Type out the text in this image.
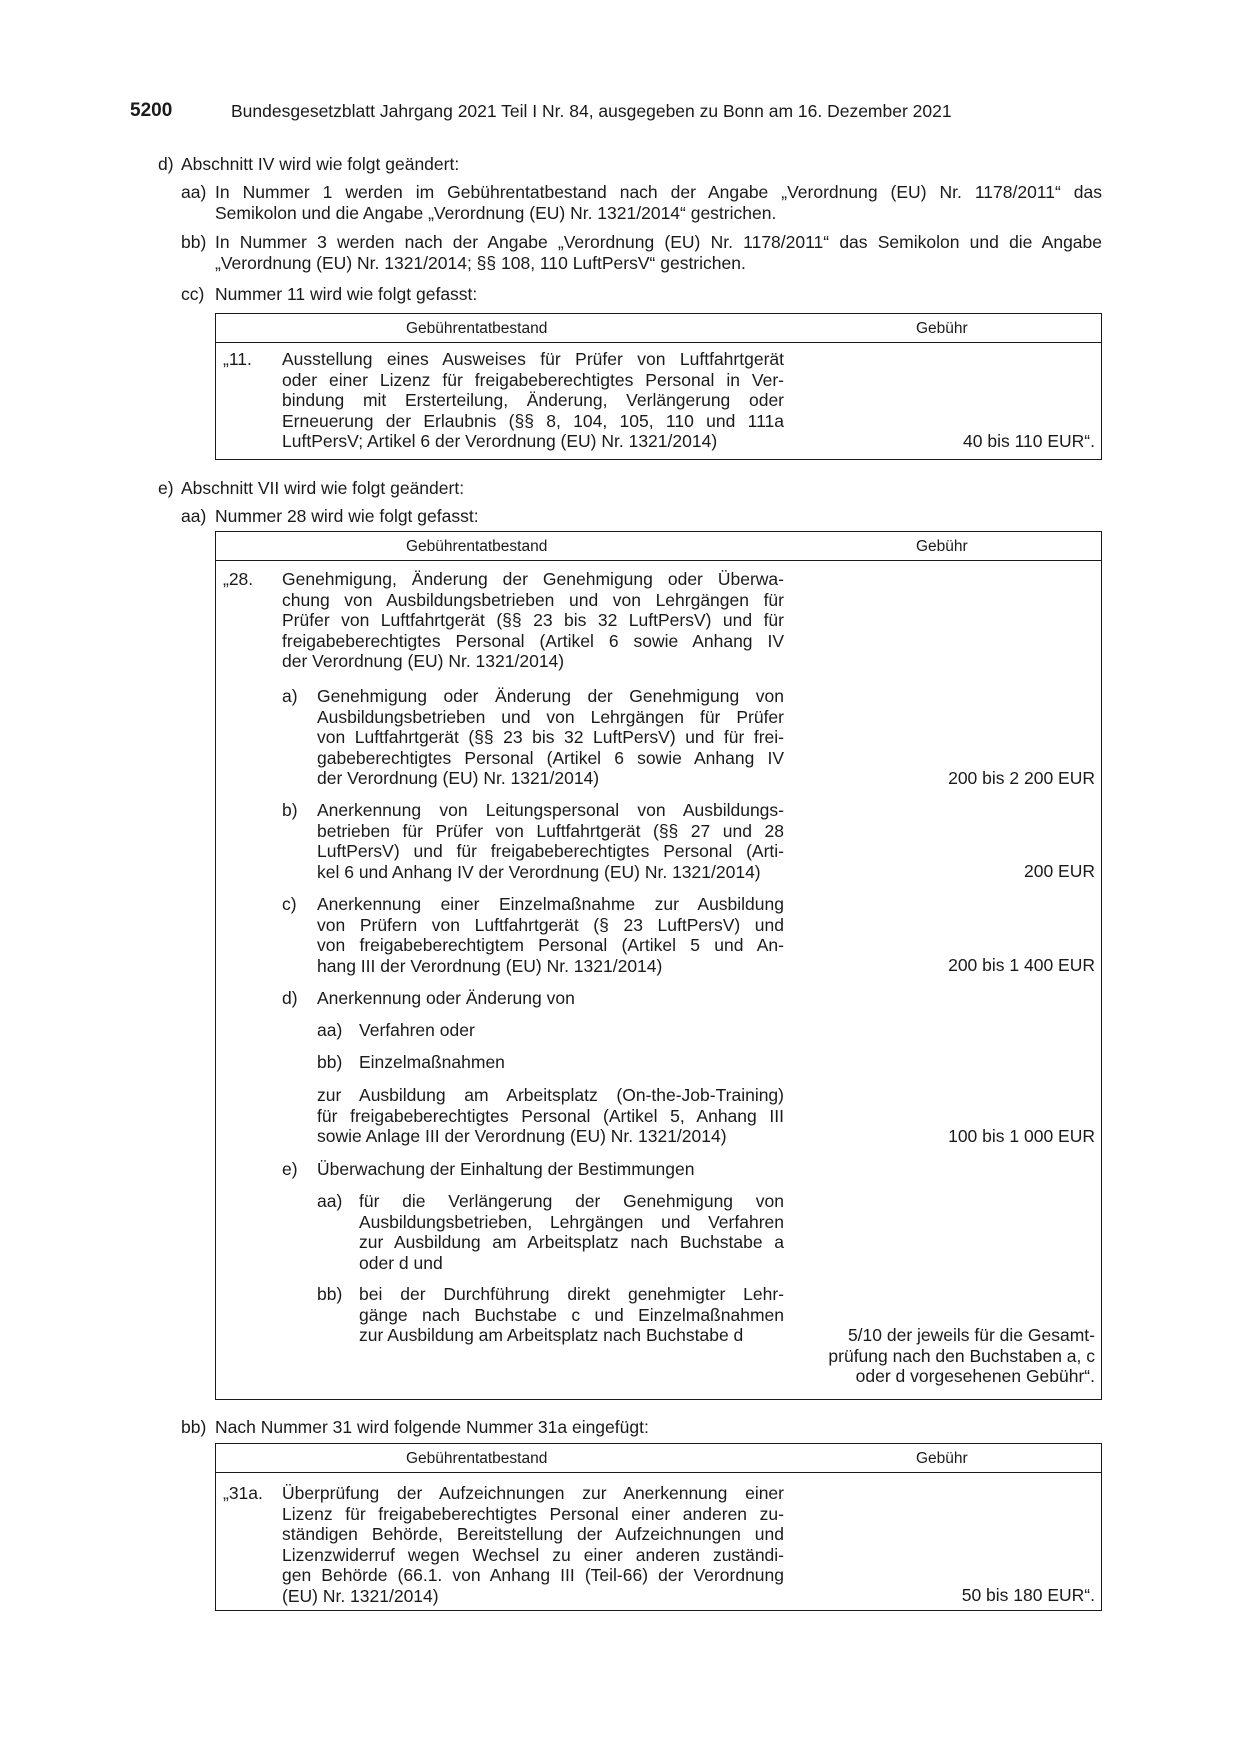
5200	Bundesgesetzblatt Jahrgang 2021 Teil I Nr. 84, ausgegeben zu Bonn am 16. Dezember 2021
d) Abschnitt IV wird wie folgt geändert:
aa) In Nummer 1 werden im Gebührentatbestand nach der Angabe „Verordnung (EU) Nr. 1178/2011“ das
Semikolon und die Angabe „Verordnung (EU) Nr. 1321/2014“ gestrichen.
bb) In Nummer 3 werden nach der Angabe „Verordnung (EU) Nr. 1178/2011“ das Semikolon und die Angabe
„Verordnung (EU) Nr. 1321/2014; §§ 108, 110 LuftPersV“ gestrichen.
cc) Nummer 11 wird wie folgt gefasst:
Gebührentatbestand	Gebühr
„11. Ausstellung eines Ausweises für Prüfer von Luftfahrtgerät
oder einer Lizenz für freigabeberechtigtes Personal in Ver-
bindung mit Ersterteilung, Änderung, Verlängerung oder
Erneuerung der Erlaubnis (§§ 8, 104, 105, 110 und 111a
LuftPersV; Artikel 6 der Verordnung (EU) Nr. 1321/2014)	40 bis 110 EUR“.
e) Abschnitt VII wird wie folgt geändert:
aa) Nummer 28 wird wie folgt gefasst:
Gebührentatbestand	Gebühr
„28. Genehmigung, Änderung der Genehmigung oder Überwa-
chung von Ausbildungsbetrieben und von Lehrgängen für
Prüfer von Luftfahrtgerät (§§ 23 bis 32 LuftPersV) und für
freigabeberechtigtes Personal (Artikel 6 sowie Anhang IV
der Verordnung (EU) Nr. 1321/2014)
a) Genehmigung oder Änderung der Genehmigung von
Ausbildungsbetrieben und von Lehrgängen für Prüfer
von Luftfahrtgerät (§§ 23 bis 32 LuftPersV) und für frei-
gabeberechtigtes Personal (Artikel 6 sowie Anhang IV
der Verordnung (EU) Nr. 1321/2014)	200 bis 2 200 EUR
b) Anerkennung von Leitungspersonal von Ausbildungs-
betrieben für Prüfer von Luftfahrtgerät (§§ 27 und 28
LuftPersV) und für freigabeberechtigtes Personal (Arti-
kel 6 und Anhang IV der Verordnung (EU) Nr. 1321/2014)	200 EUR
c) Anerkennung einer Einzelmaßnahme zur Ausbildung
von Prüfern von Luftfahrtgerät (§ 23 LuftPersV) und
von freigabeberechtigtem Personal (Artikel 5 und An-
hang III der Verordnung (EU) Nr. 1321/2014)	200 bis 1 400 EUR
d) Anerkennung oder Änderung von
aa) Verfahren oder
bb) Einzelmaßnahmen
zur Ausbildung am Arbeitsplatz (On-the-Job-Training)
für freigabeberechtigtes Personal (Artikel 5, Anhang III
sowie Anlage III der Verordnung (EU) Nr. 1321/2014)	100 bis 1 000 EUR
e) Überwachung der Einhaltung der Bestimmungen
aa) für die Verlängerung der Genehmigung von
Ausbildungsbetrieben, Lehrgängen und Verfahren
zur Ausbildung am Arbeitsplatz nach Buchstabe a
oder d und
bb) bei der Durchführung direkt genehmigter Lehr-
gänge nach Buchstabe c und Einzelmaßnahmen
zur Ausbildung am Arbeitsplatz nach Buchstabe d	5/10 der jeweils für die Gesamt-
prüfung nach den Buchstaben a, c
oder d vorgesehenen Gebühr“.
bb) Nach Nummer 31 wird folgende Nummer 31a eingefügt:
Gebührentatbestand	Gebühr
„31a. Überprüfung der Aufzeichnungen zur Anerkennung einer
Lizenz für freigabeberechtigtes Personal einer anderen zu-
ständigen Behörde, Bereitstellung der Aufzeichnungen und
Lizenzwiderruf wegen Wechsel zu einer anderen zuständi-
gen Behörde (66.1. von Anhang III (Teil-66) der Verordnung
(EU) Nr. 1321/2014)	50 bis 180 EUR“.
